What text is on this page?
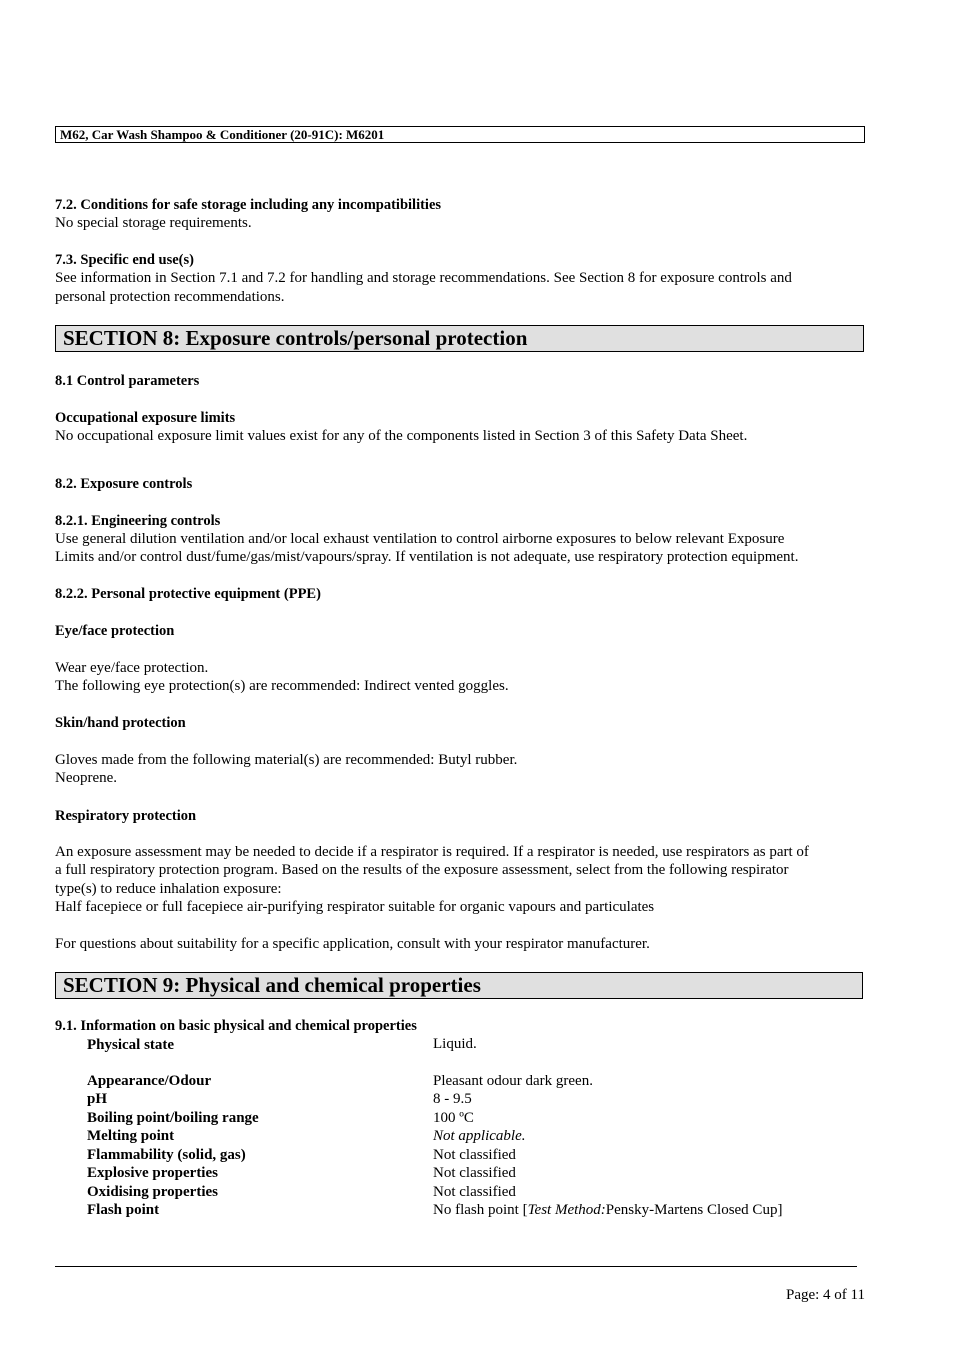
M62, Car Wash Shampoo & Conditioner (20-91C): M6201
7.2. Conditions for safe storage including any incompatibilities
No special storage requirements.
7.3. Specific end use(s)
See information in Section 7.1 and 7.2 for handling and storage recommendations. See Section 8 for exposure controls and
personal protection recommendations.
SECTION 8: Exposure controls/personal protection
8.1 Control parameters
Occupational exposure limits
No occupational exposure limit values exist for any of the components listed in Section 3 of this Safety Data Sheet.
8.2. Exposure controls
8.2.1. Engineering controls
Use general dilution ventilation and/or local exhaust ventilation to control airborne exposures to below relevant Exposure
Limits and/or control dust/fume/gas/mist/vapours/spray. If ventilation is not adequate, use respiratory protection equipment.
8.2.2. Personal protective equipment (PPE)
Eye/face protection
Wear eye/face protection.
The following eye protection(s) are recommended: Indirect vented goggles.
Skin/hand protection
Gloves made from the following material(s) are recommended: Butyl rubber.
Neoprene.
Respiratory protection
An exposure assessment may be needed to decide if a respirator is required. If a respirator is needed, use respirators as part of
a full respiratory protection program. Based on the results of the exposure assessment, select from the following respirator
type(s) to reduce inhalation exposure:
Half facepiece or full facepiece air-purifying respirator suitable for organic vapours and particulates
For questions about suitability for a specific application, consult with your respirator manufacturer.
SECTION 9: Physical and chemical properties
9.1. Information on basic physical and chemical properties
Physical state	Liquid.
Appearance/Odour	Pleasant odour dark green.
pH	8 - 9.5
Boiling point/boiling range	100 ºC
Melting point	Not applicable.
Flammability (solid, gas)	Not classified
Explosive properties	Not classified
Oxidising properties	Not classified
Flash point	No flash point [Test Method:Pensky-Martens Closed Cup]
Page: 4 of 11
